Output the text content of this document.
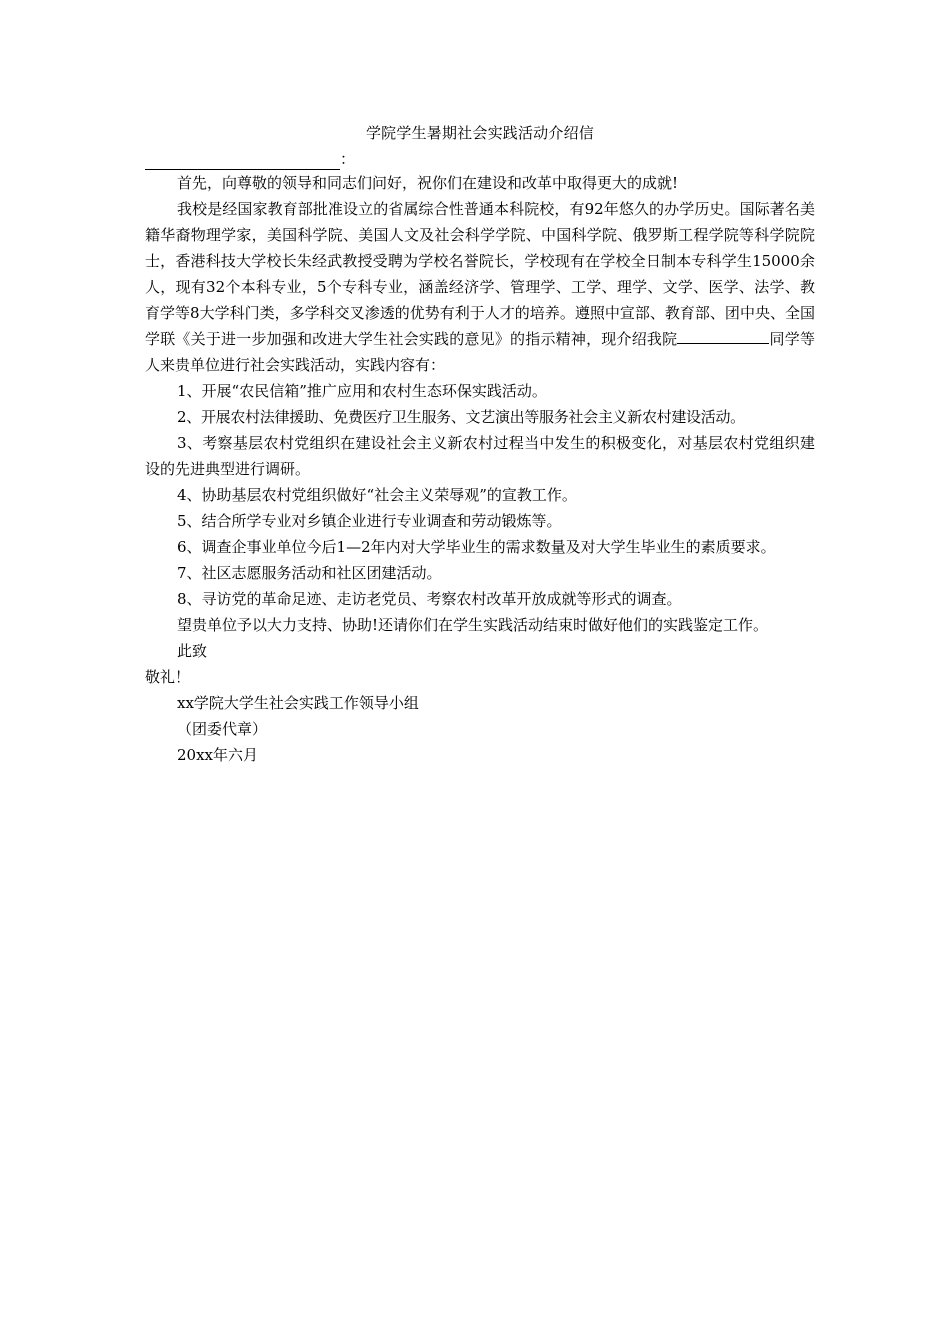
学院学生暑期社会实践活动介绍信
：

首先，向尊敬的领导和同志们问好，祝你们在建设和改革中取得更大的成就!

我校是经国家教育部批准设立的省属综合性普通本科院校，有92年悠久的办学历史。国际著名美籍华裔物理学家，美国科学院、美国人文及社会科学学院、中国科学院、俄罗斯工程学院等科学院院士，香港科技大学校长朱经武教授受聘为学校名誉院长，学校现有在学校全日制本专科学生15000余人，现有32个本科专业，5个专科专业，涵盖经济学、管理学、工学、理学、文学、医学、法学、教育学等8大学科门类，多学科交叉渗透的优势有利于人才的培养。遵照中宣部、教育部、团中央、全国学联《关于进一步加强和改进大学生社会实践的意见》的指示精神，现介绍我院	同学等人来贵单位进行社会实践活动，实践内容有：

1、开展“农民信箱”推广应用和农村生态环保实践活动。

2、开展农村法律援助、免费医疗卫生服务、文艺演出等服务社会主义新农村建设活动。

3、考察基层农村党组织在建设社会主义新农村过程当中发生的积极变化，对基层农村党组织建设的先进典型进行调研。

4、协助基层农村党组织做好“社会主义荣辱观”的宣教工作。

5、结合所学专业对乡镇企业进行专业调查和劳动锻炼等。

6、调查企事业单位今后1—2年内对大学毕业生的需求数量及对大学生毕业生的素质要求。

7、社区志愿服务活动和社区团建活动。

8、寻访党的革命足迹、走访老党员、考察农村改革开放成就等形式的调查。

望贵单位予以大力支持、协助!还请你们在学生实践活动结束时做好他们的实践鉴定工作。

此致

敬礼！

xx学院大学生社会实践工作领导小组
（团委代章）
20xx年六月
